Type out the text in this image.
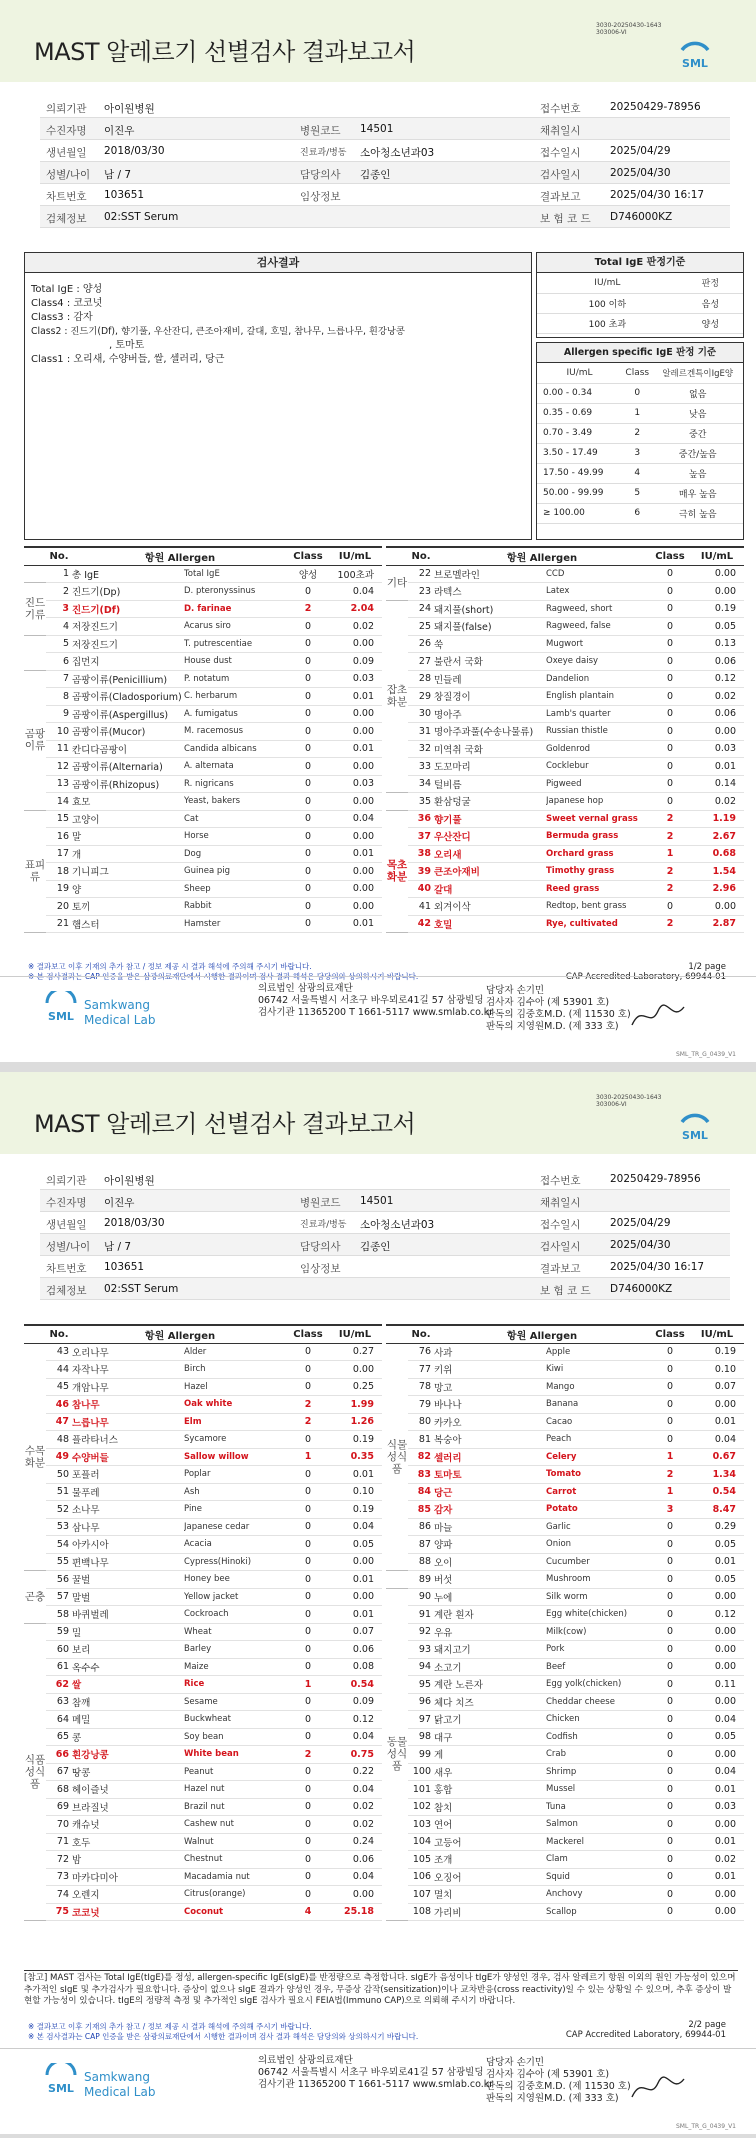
MAST 알레르기 선별검사 결과보고서
3030-20250430-1643
303006-VI
SML
의뢰기관 아이원병원	접수번호	20250429-78956
수진자명 이진우	병원코드 14501	채취일시
생년월일 2018/03/30	진료과/병동 소아청소년과03	접수일시	2025/04/29
성별/나이 남 / 7	담당의사 김종인	검사일시	2025/04/30
차트번호 103651	임상정보	결과보고	2025/04/30 16:17
검체정보 02:SST Serum	보 험 코 드 D746000KZ
검사결과
Total IgE : 양성
Class4 : 코코넛
Class3 : 감자
Class2 : 진드기(Df), 향기풀, 우산잔디, 큰조아재비, 갈대, 호밀, 참나무, 느릅나무, 흰강낭콩
, 토마토
Class1 : 오리새, 수양버들, 쌀, 셀러리, 당근
Total IgE 판정기준
IU/mL	판정
100 이하	음성
100 초과	양성
Allergen specific IgE 판정 기준
IU/mL	Class	알레르겐특이IgE양
0.00 - 0.34	0	없음
0.35 - 0.69	1	낮음
0.70 - 3.49	2	중간
3.50 - 17.49	3	중간/높음
17.50 - 49.99	4	높음
50.00 - 99.99	5	매우 높음
≥ 100.00	6	극히 높음
	No.	항원 Allergen		Class	IU/mL
	1	총 IgE	Total IgE	양성	100초과
진드기류	2	진드기(Dp)	D. pteronyssinus	0	0.04
	3	진드기(Df)	D. farinae	2	2.04
	4	저장진드기	Acarus siro	0	0.02
	5	저장진드기	T. putrescentiae	0	0.00
	6	집먼지	House dust	0	0.09
곰팡이류	7	곰팡이류(Penicillium)	P. notatum	0	0.03
	8	곰팡이류(Cladosporium)	C. herbarum	0	0.01
	9	곰팡이류(Aspergillus)	A. fumigatus	0	0.00
	10	곰팡이류(Mucor)	M. racemosus	0	0.00
	11	칸디다곰팡이	Candida albicans	0	0.01
	12	곰팡이류(Alternaria)	A. alternata	0	0.00
	13	곰팡이류(Rhizopus)	R. nigricans	0	0.03
	14	효모	Yeast, bakers	0	0.00
표피류	15	고양이	Cat	0	0.04
	16	말	Horse	0	0.00
	17	개	Dog	0	0.01
	18	기니피그	Guinea pig	0	0.00
	19	양	Sheep	0	0.00
	20	토끼	Rabbit	0	0.00
	21	햄스터	Hamster	0	0.01
	No.	항원 Allergen		Class	IU/mL
기타	22	브로멜라인	CCD	0	0.00
	23	라텍스	Latex	0	0.00
잡초화분	24	돼지풀(short)	Ragweed, short	0	0.19
	25	돼지풀(false)	Ragweed, false	0	0.05
	26	쑥	Mugwort	0	0.13
	27	불란서 국화	Oxeye daisy	0	0.06
	28	민들레	Dandelion	0	0.12
	29	창질경이	English plantain	0	0.02
	30	명아주	Lamb's quarter	0	0.06
	31	명아주과풀(수송나물류)	Russian thistle	0	0.00
	32	미역취 국화	Goldenrod	0	0.03
	33	도꼬마리	Cocklebur	0	0.01
	34	털비름	Pigweed	0	0.14
	35	환삼덩굴	Japanese hop	0	0.02
목초화분	36	향기풀	Sweet vernal grass	2	1.19
	37	우산잔디	Bermuda grass	2	2.67
	38	오리새	Orchard grass	1	0.68
	39	큰조아재비	Timothy grass	2	1.54
	40	갈대	Reed grass	2	2.96
	41	외겨이삭	Redtop, bent grass	0	0.00
	42	호밀	Rye, cultivated	2	2.87
※ 결과보고 이후 기재의 추가 참고 / 정보 제공 시 결과 해석에 주의해 주시기 바랍니다.
※ 본 검사결과는 CAP 인증을 받은 삼광의료재단에서 시행한 결과이며 검사 결과 해석은 담당의와 상의하시기 바랍니다.
1/2 page
CAP Accredited Laboratory, 69944-01
SML
Samkwang
Medical Lab
의료법인 삼광의료재단
06742 서울특별시 서초구 바우뫼로41길 57 삼광빌딩
검사기관 11365200 T 1661-5117 www.smlab.co.kr
담당자 손기민
검사자 김수아 (제 53901 호)
판독의 김중호M.D. (제 11530 호)
판독의 지영원M.D. (제 333 호)
SML_TR_G_0439_V1
MAST 알레르기 선별검사 결과보고서
3030-20250430-1643
303006-VI
SML
의뢰기관 아이원병원	접수번호	20250429-78956
수진자명 이진우	병원코드 14501	채취일시
생년월일 2018/03/30	진료과/병동 소아청소년과03	접수일시	2025/04/29
성별/나이 남 / 7	담당의사 김종인	검사일시	2025/04/30
차트번호 103651	임상정보	결과보고	2025/04/30 16:17
검체정보 02:SST Serum	보 험 코 드 D746000KZ
	No.	항원 Allergen		Class	IU/mL
수목화분	43	오리나무	Alder	0	0.27
	44	자작나무	Birch	0	0.00
	45	개암나무	Hazel	0	0.25
	46	참나무	Oak white	2	1.99
	47	느릅나무	Elm	2	1.26
	48	플라타너스	Sycamore	0	0.19
	49	수양버들	Sallow willow	1	0.35
	50	포플러	Poplar	0	0.01
	51	물푸레	Ash	0	0.10
	52	소나무	Pine	0	0.19
	53	삼나무	Japanese cedar	0	0.04
	54	아카시아	Acacia	0	0.05
	55	편백나무	Cypress(Hinoki)	0	0.00
곤충	56	꿀벌	Honey bee	0	0.01
	57	말벌	Yellow jacket	0	0.00
	58	바퀴벌레	Cockroach	0	0.01
식품성식품	59	밀	Wheat	0	0.07
	60	보리	Barley	0	0.06
	61	옥수수	Maize	0	0.08
	62	쌀	Rice	1	0.54
	63	참깨	Sesame	0	0.09
	64	메밀	Buckwheat	0	0.12
	65	콩	Soy bean	0	0.04
	66	흰강낭콩	White bean	2	0.75
	67	땅콩	Peanut	0	0.22
	68	헤이즐넛	Hazel nut	0	0.04
	69	브라질넛	Brazil nut	0	0.02
	70	캐슈넛	Cashew nut	0	0.02
	71	호두	Walnut	0	0.24
	72	밤	Chestnut	0	0.06
	73	마카다미아	Macadamia nut	0	0.04
	74	오렌지	Citrus(orange)	0	0.00
	75	코코넛	Coconut	4	25.18
	No.	항원 Allergen		Class	IU/mL
식물성식품	76	사과	Apple	0	0.19
	77	키위	Kiwi	0	0.10
	78	망고	Mango	0	0.07
	79	바나나	Banana	0	0.00
	80	카카오	Cacao	0	0.01
	81	복숭아	Peach	0	0.04
	82	셀러리	Celery	1	0.67
	83	토마토	Tomato	2	1.34
	84	당근	Carrot	1	0.54
	85	감자	Potato	3	8.47
	86	마늘	Garlic	0	0.29
	87	양파	Onion	0	0.05
	88	오이	Cucumber	0	0.01
	89	버섯	Mushroom	0	0.05
동물성식품	90	누에	Silk worm	0	0.00
	91	계란 흰자	Egg white(chicken)	0	0.12
	92	우유	Milk(cow)	0	0.00
	93	돼지고기	Pork	0	0.00
	94	소고기	Beef	0	0.00
	95	계란 노른자	Egg yolk(chicken)	0	0.11
	96	체다 치즈	Cheddar cheese	0	0.00
	97	닭고기	Chicken	0	0.04
	98	대구	Codfish	0	0.05
	99	게	Crab	0	0.00
	100	새우	Shrimp	0	0.04
	101	홍합	Mussel	0	0.01
	102	참치	Tuna	0	0.03
	103	연어	Salmon	0	0.00
	104	고등어	Mackerel	0	0.01
	105	조개	Clam	0	0.02
	106	오징어	Squid	0	0.01
	107	멸치	Anchovy	0	0.00
	108	가리비	Scallop	0	0.00
[참고] MAST 검사는 Total IgE(tIgE)를 정성, allergen-specific IgE(sIgE)를 반정량으로 측정합니다. sIgE가 음성이나 tIgE가 양성인 경우, 검사 알레르기 항원 이외의 원인 가능성이 있으며 추가적인 sIgE 및 추가검사가 필요합니다. 증상이 없으나 sIgE 결과가 양성인 경우, 무증상 감작(sensitization)이나 교차반응(cross reactivity)일 수 있는 상황일 수 있으며, 추후 증상이 발현할 가능성이 있습니다. tIgE의 정량적 측정 및 추가적인 sIgE 검사가 필요시 FEIA법(Immuno CAP)으로 의뢰해 주시기 바랍니다.
※ 결과보고 이후 기재의 추가 참고 / 정보 제공 시 결과 해석에 주의해 주시기 바랍니다.
※ 본 검사결과는 CAP 인증을 받은 삼광의료재단에서 시행한 결과이며 검사 결과 해석은 담당의와 상의하시기 바랍니다.
2/2 page
CAP Accredited Laboratory, 69944-01
SML
Samkwang
Medical Lab
의료법인 삼광의료재단
06742 서울특별시 서초구 바우뫼로41길 57 삼광빌딩
검사기관 11365200 T 1661-5117 www.smlab.co.kr
담당자 손기민
검사자 김수아 (제 53901 호)
판독의 김중호M.D. (제 11530 호)
판독의 지영원M.D. (제 333 호)
SML_TR_G_0439_V1
